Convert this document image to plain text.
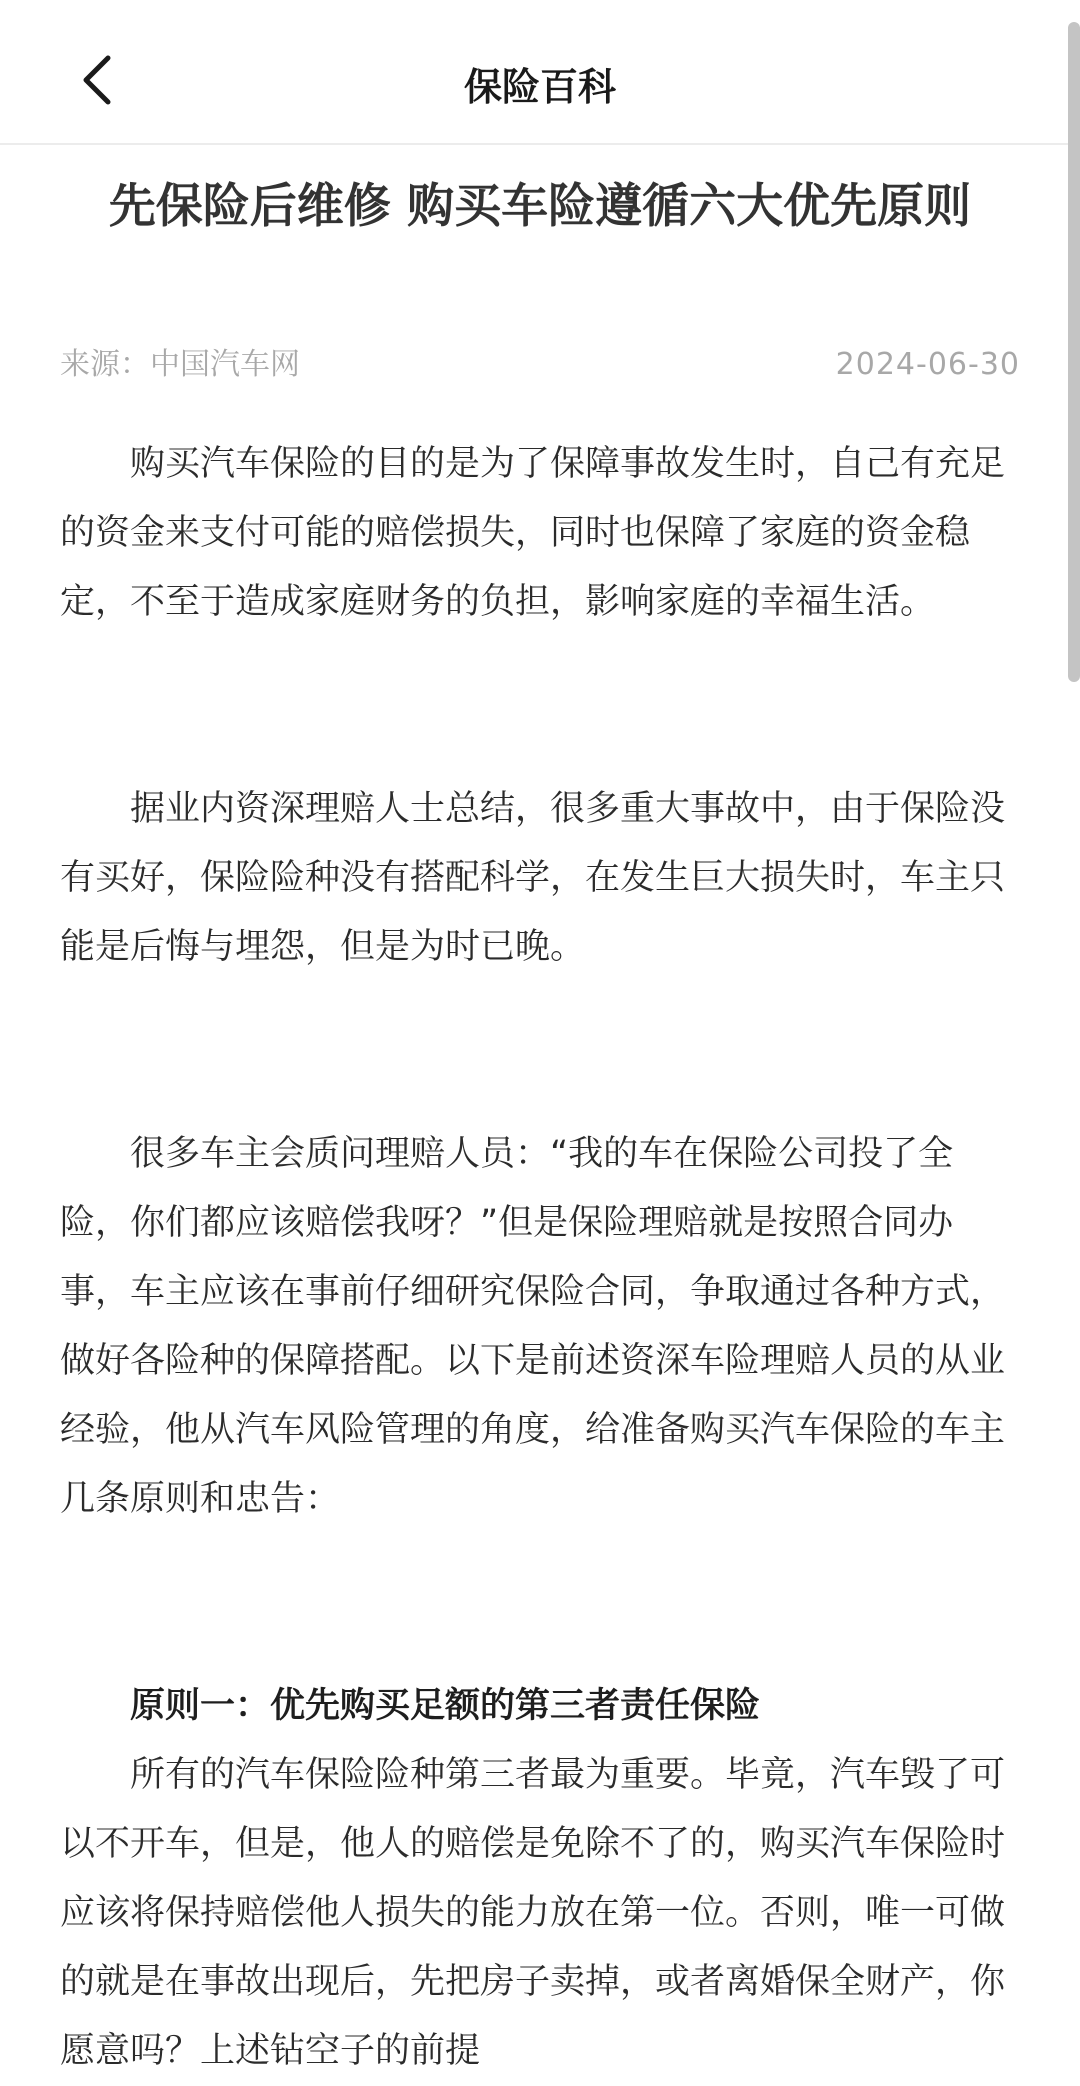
保险百科
先保险后维修 购买车险遵循六大优先原则
来源：中国汽车网	2024-06-30

购买汽车保险的目的是为了保障事故发生时，自己有充足的资金来支付可能的赔偿损失，同时也保障了家庭的资金稳定，不至于造成家庭财务的负担，影响家庭的幸福生活。

据业内资深理赔人士总结，很多重大事故中，由于保险没有买好，保险险种没有搭配科学，在发生巨大损失时，车主只能是后悔与埋怨，但是为时已晚。

很多车主会质问理赔人员：“我的车在保险公司投了全险，你们都应该赔偿我呀？”但是保险理赔就是按照合同办事，车主应该在事前仔细研究保险合同，争取通过各种方式，做好各险种的保障搭配。以下是前述资深车险理赔人员的从业经验，他从汽车风险管理的角度，给准备购买汽车保险的车主几条原则和忠告：

原则一：优先购买足额的第三者责任保险

所有的汽车保险险种第三者最为重要。毕竟，汽车毁了可以不开车，但是，他人的赔偿是免除不了的，购买汽车保险时应该将保持赔偿他人损失的能力放在第一位。否则，唯一可做的就是在事故出现后，先把房子卖掉，或者离婚保全财产，你愿意吗？上述钻空子的前提
